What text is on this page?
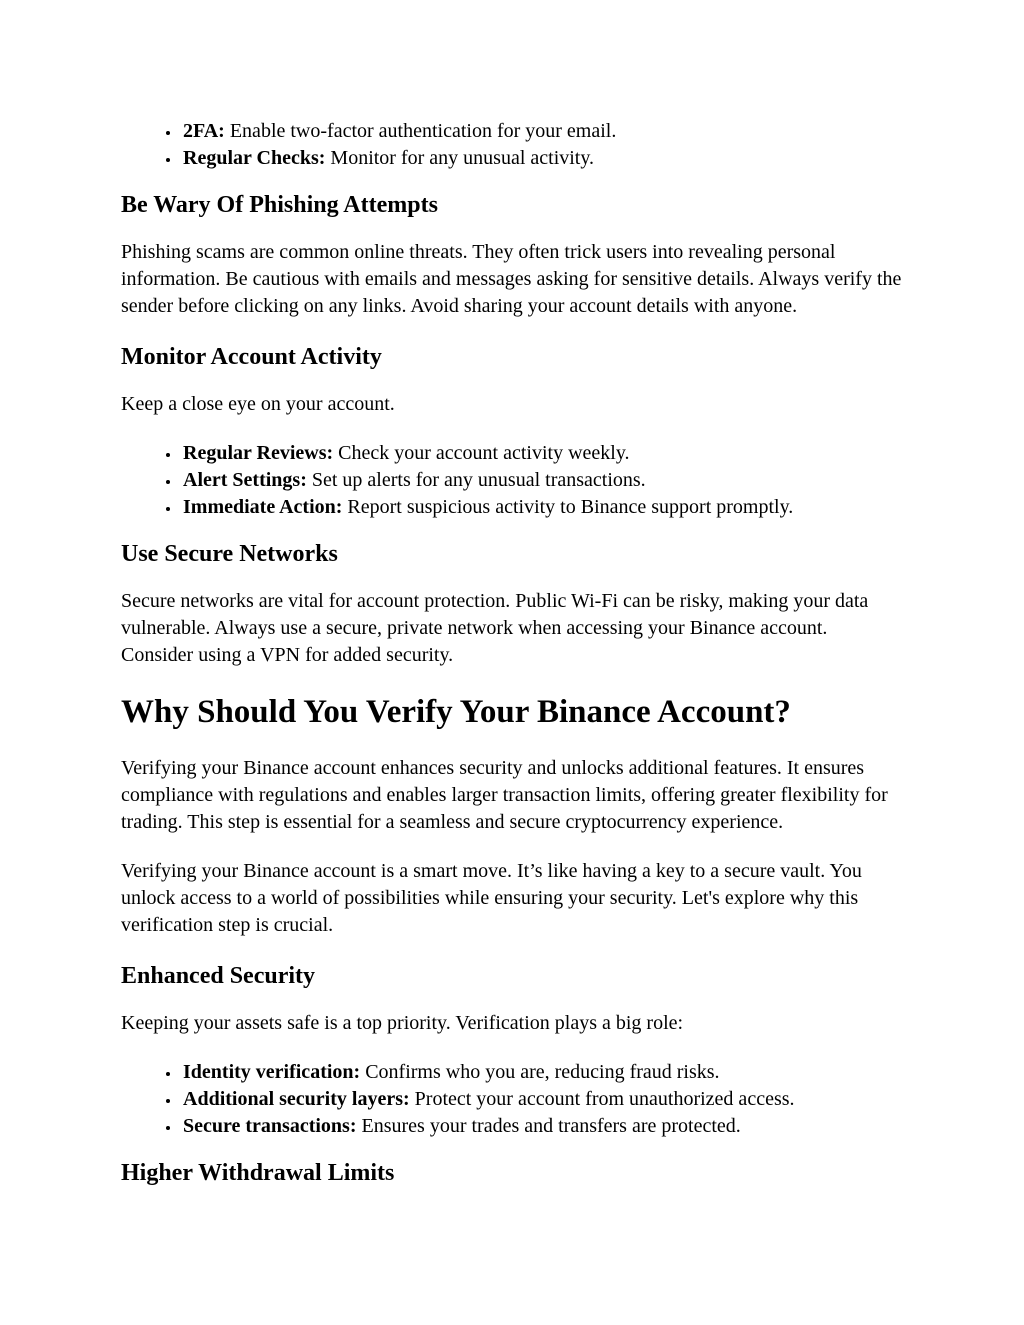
• 2FA: Enable two-factor authentication for your email.
• Regular Checks: Monitor for any unusual activity.
Be Wary Of Phishing Attempts

Phishing scams are common online threats. They often trick users into revealing personal information. Be cautious with emails and messages asking for sensitive details. Always verify the sender before clicking on any links. Avoid sharing your account details with anyone.

Monitor Account Activity

Keep a close eye on your account.

• Regular Reviews: Check your account activity weekly.
• Alert Settings: Set up alerts for any unusual transactions.
• Immediate Action: Report suspicious activity to Binance support promptly.
Use Secure Networks

Secure networks are vital for account protection. Public Wi-Fi can be risky, making your data vulnerable. Always use a secure, private network when accessing your Binance account. Consider using a VPN for added security.

Why Should You Verify Your Binance Account?

Verifying your Binance account enhances security and unlocks additional features. It ensures compliance with regulations and enables larger transaction limits, offering greater flexibility for trading. This step is essential for a seamless and secure cryptocurrency experience.

Verifying your Binance account is a smart move. It’s like having a key to a secure vault. You unlock access to a world of possibilities while ensuring your security. Let's explore why this verification step is crucial.

Enhanced Security

Keeping your assets safe is a top priority. Verification plays a big role:

• Identity verification: Confirms who you are, reducing fraud risks.
• Additional security layers: Protect your account from unauthorized access.
• Secure transactions: Ensures your trades and transfers are protected.
Higher Withdrawal Limits
